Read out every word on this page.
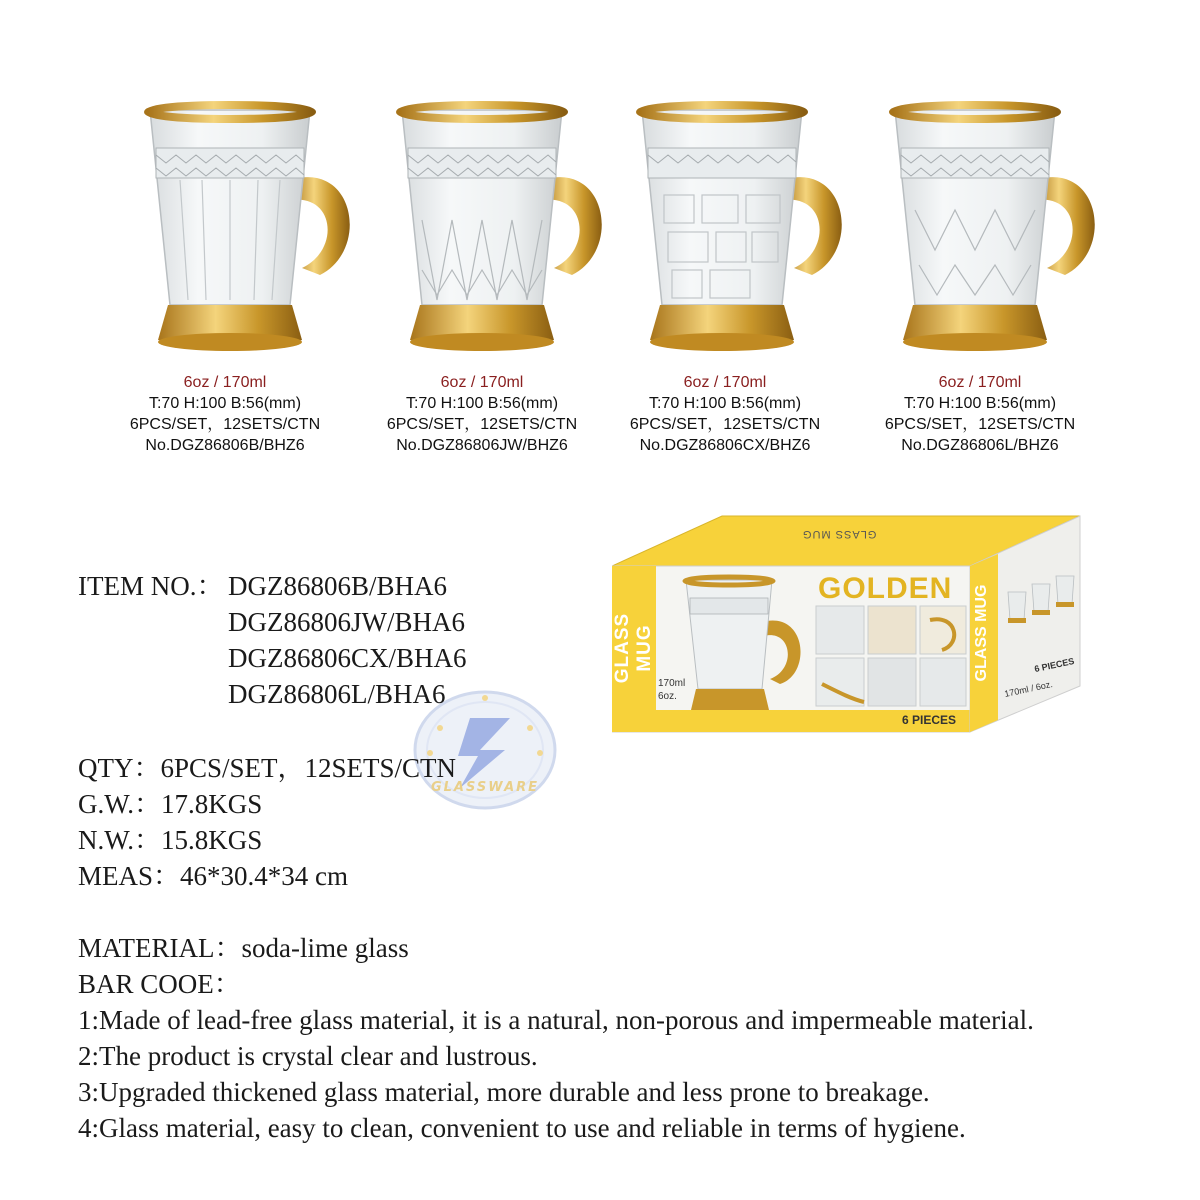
6oz / 170ml
T:70 H:100 B:56(mm)
6PCS/SET，12SETS/CTN
No.DGZ86806B/BHZ6
6oz / 170ml
T:70 H:100 B:56(mm)
6PCS/SET，12SETS/CTN
No.DGZ86806JW/BHZ6
6oz / 170ml
T:70 H:100 B:56(mm)
6PCS/SET，12SETS/CTN
No.DGZ86806CX/BHZ6
6oz / 170ml
T:70 H:100 B:56(mm)
6PCS/SET，12SETS/CTN
No.DGZ86806L/BHZ6
GLASS MUG
170ml
6oz.
GOLDEN
6 PIECES
GLASS MUG
GLASS MUG
170ml / 6oz.
6 PIECES
GLASSWARE
ITEM NO.： DGZ86806B/BHA6
DGZ86806JW/BHA6
DGZ86806CX/BHA6
DGZ86806L/BHA6
QTY：6PCS/SET，12SETS/CTN
G.W.：17.8KGS
N.W.：15.8KGS
MEAS：46*30.4*34 cm

MATERIAL：soda-lime glass

BAR COOE：

1:Made of lead-free glass material, it is a natural, non-porous and impermeable material.

2:The product is crystal clear and lustrous.

3:Upgraded thickened glass material, more durable and less prone to breakage.

4:Glass material, easy to clean, convenient to use and reliable in terms of hygiene.
